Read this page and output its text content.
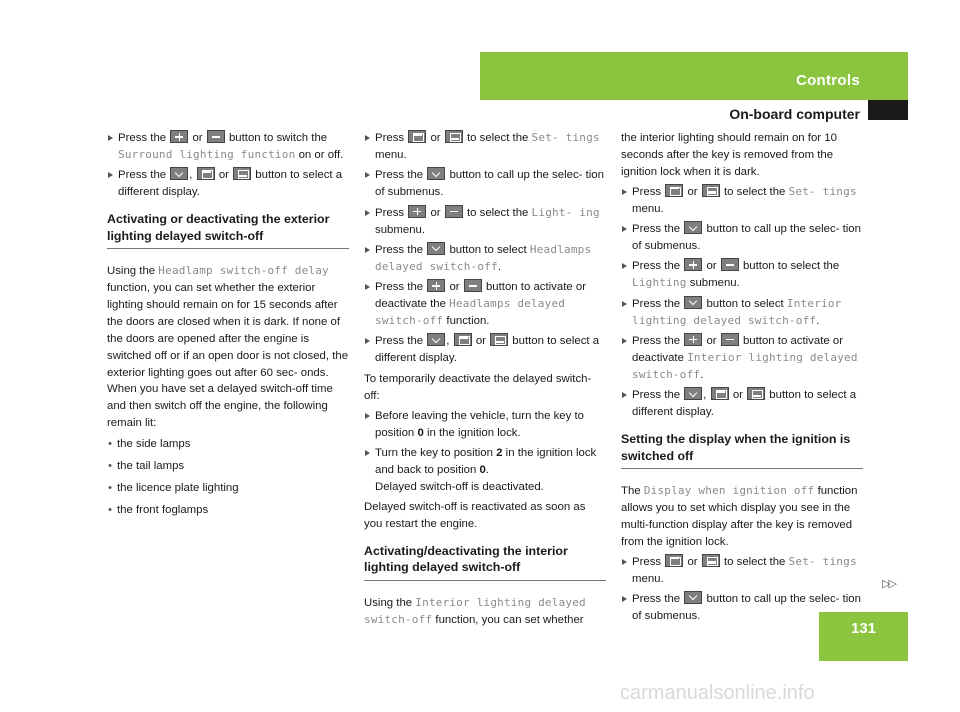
Controls
On-board computer
Press the or button to switch the Surround lighting function on or off.
Press the , or button to select a different display.
Activating or deactivating the exterior lighting delayed switch-off
Using the Headlamp switch-off delay function, you can set whether the exterior lighting should remain on for 15 seconds after the doors are closed when it is dark. If none of the doors are opened after the engine is switched off or if an open door is not closed, the exterior lighting goes out after 60 sec- onds.
When you have set a delayed switch-off time and then switch off the engine, the following remain lit:
• the side lamps
• the tail lamps
• the licence plate lighting
• the front foglamps
Press or to select the Set- tings menu.
Press the button to call up the selec- tion of submenus.
Press or to select the Light- ing submenu.
Press the button to select Headlamps delayed switch-off.
Press the or button to activate or deactivate the Headlamps delayed switch-off function.
Press the , or button to select a different display.
To temporarily deactivate the delayed switch- off:
Before leaving the vehicle, turn the key to position 0 in the ignition lock.
Turn the key to position 2 in the ignition lock and back to position 0.
Delayed switch-off is deactivated.
Delayed switch-off is reactivated as soon as you restart the engine.
Activating/deactivating the interior lighting delayed switch-off
Using the Interior lighting delayed switch-off function, you can set whether
the interior lighting should remain on for 10 seconds after the key is removed from the ignition lock when it is dark.
Press or to select the Set- tings menu.
Press the button to call up the selec- tion of submenus.
Press the or button to select the Lighting submenu.
Press the button to select Interior lighting delayed switch-off.
Press the or button to activate or deactivate Interior lighting delayed switch-off.
Press the , or button to select a different display.
Setting the display when the ignition is switched off
The Display when ignition off function allows you to set which display you see in the multi-function display after the key is removed from the ignition lock.
Press or to select the Set- tings menu.
Press the button to call up the selec- tion of submenus.
▷▷
131
carmanualsonline.info
